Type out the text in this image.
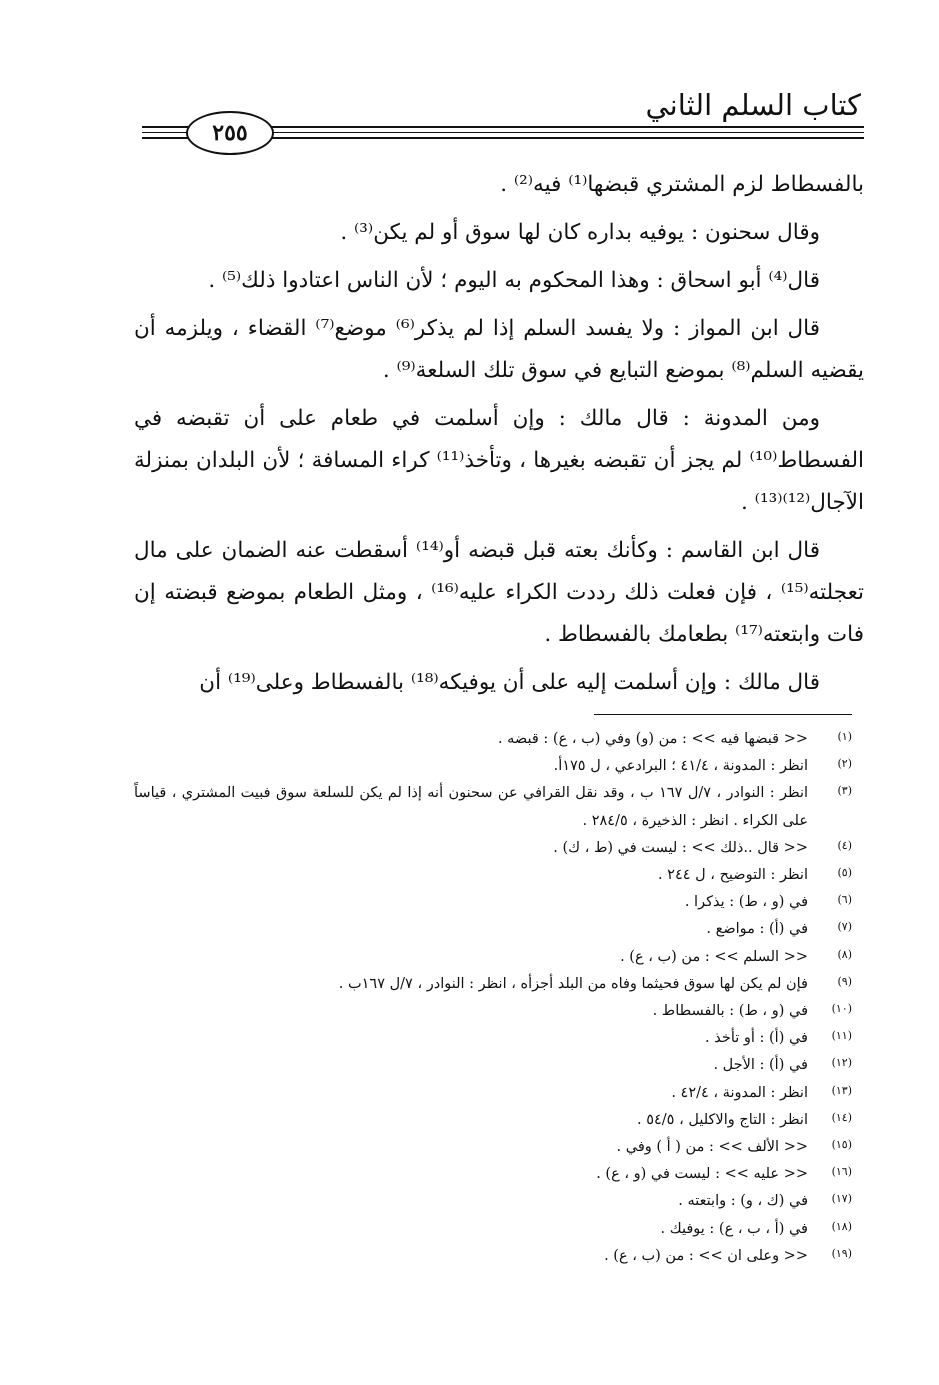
كتاب السلم الثاني
٢٥٥

بالفسطاط لزم المشتري قبضها⁽¹⁾ فيه⁽²⁾ .

وقال سحنون : يوفيه بداره كان لها سوق أو لم يكن⁽³⁾ .

قال⁽⁴⁾ أبو اسحاق : وهذا المحكوم به اليوم ؛ لأن الناس اعتادوا ذلك⁽⁵⁾ .

قال ابن المواز : ولا يفسد السلم إذا لم يذكر⁽⁶⁾ موضع⁽⁷⁾ القضاء ، ويلزمه أن يقضيه السلم⁽⁸⁾ بموضع التبايع في سوق تلك السلعة⁽⁹⁾ .

ومن المدونة : قال مالك : وإن أسلمت في طعام على أن تقبضه في الفسطاط⁽¹⁰⁾ لم يجز أن تقبضه بغيرها ، وتأخذ⁽¹¹⁾ كراء المسافة ؛ لأن البلدان بمنزلة الآجال⁽¹²⁾⁽¹³⁾ .

قال ابن القاسم : وكأنك بعته قبل قبضه أو⁽¹⁴⁾ أسقطت عنه الضمان على مال تعجلته⁽¹⁵⁾ ، فإن فعلت ذلك رددت الكراء عليه⁽¹⁶⁾ ، ومثل الطعام بموضع قبضته إن فات وابتعته⁽¹⁷⁾ بطعامك بالفسطاط .

قال مالك : وإن أسلمت إليه على أن يوفيكه⁽¹⁸⁾ بالفسطاط وعلى⁽¹⁹⁾ أن

(١)
<< قبضها فيه >> : من (و) وفي (ب ، ع) : قبضه .
(٢)
انظر : المدونة ، ٤١/٤ ؛ البرادعي ، ل ١٧٥أ.
(٣)
انظر : النوادر ، ٧/ل ١٦٧ ب ، وقد نقل القرافي عن سحنون أنه إذا لم يكن للسلعة سوق فبيت المشتري ، قياساً على الكراء . انظر : الذخيرة ، ٢٨٤/٥ .
(٤)
<< قال ..ذلك >> : ليست في (ط ، ك) .
(٥)
انظر : التوضيح ، ل ٢٤٤ .
(٦)
في (و ، ط) : يذكرا .
(٧)
في (أ) : مواضع .
(٨)
<< السلم >> : من (ب ، ع) .
(٩)
فإن لم يكن لها سوق فحيثما وفاه من البلد أجزأه ، انظر : النوادر ، ٧/ل ١٦٧ب .
(١٠)
في (و ، ط) : بالفسطاط .
(١١)
في (أ) : أو تأخذ .
(١٢)
في (أ) : الأجل .
(١٣)
انظر : المدونة ، ٤٢/٤ .
(١٤)
انظر : التاج والاكليل ، ٥٤/٥ .
(١٥)
<< الألف >> : من ( أ ) وفي .
(١٦)
<< عليه >> : ليست في (و ، ع) .
(١٧)
في (ك ، و) : وابتعته .
(١٨)
في (أ ، ب ، ع) : يوفيك .
(١٩)
<< وعلى ان >> : من (ب ، ع) .
